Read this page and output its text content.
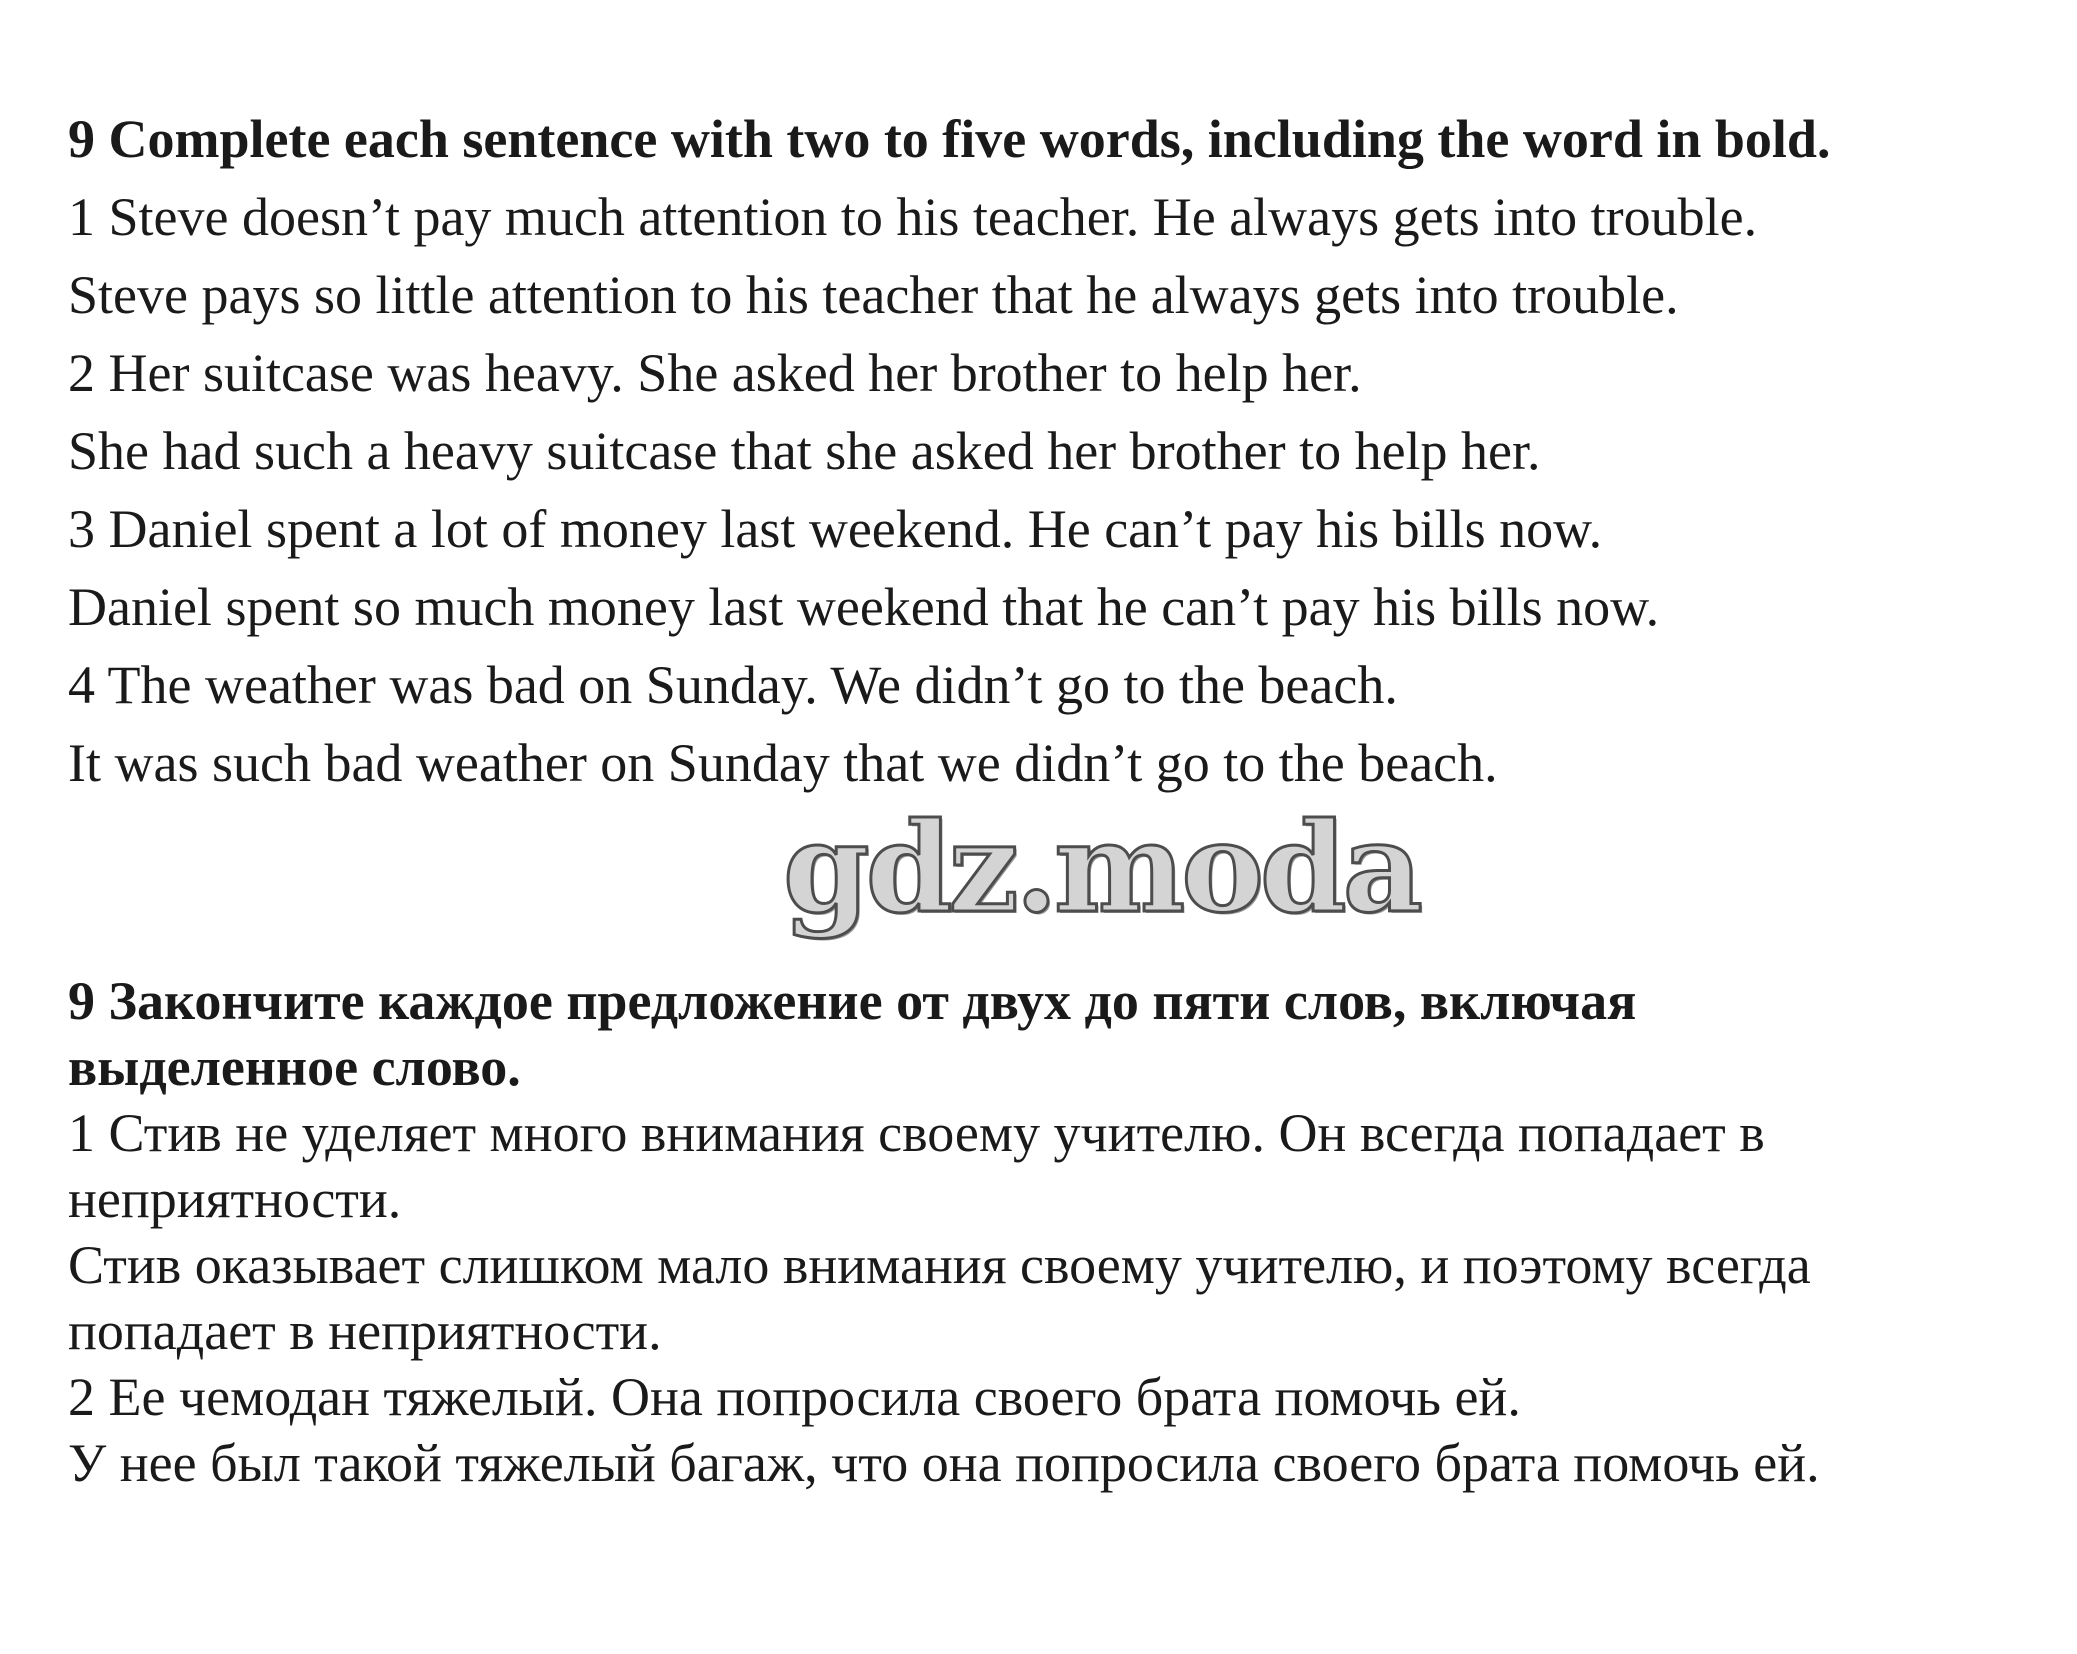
9 Complete each sentence with two to five words, including the word in bold.

1 Steve doesn’t pay much attention to his teacher. He always gets into trouble.

Steve pays so little attention to his teacher that he always gets into trouble.

2 Her suitcase was heavy. She asked her brother to help her.

She had such a heavy suitcase that she asked her brother to help her.

3 Daniel spent a lot of money last weekend. He can’t pay his bills now.

Daniel spent so much money last weekend that he can’t pay his bills now.

4 The weather was bad on Sunday. We didn’t go to the beach.

It was such bad weather on Sunday that we didn’t go to the beach.

gdz.moda

9 Закончите каждое предложение от двух до пяти слов, включая

выделенное слово.

1 Стив не уделяет много внимания своему учителю. Он всегда попадает в

неприятности.

Стив оказывает слишком мало внимания своему учителю, и поэтому всегда

попадает в неприятности.

2 Ее чемодан тяжелый. Она попросила своего брата помочь ей.

У нее был такой тяжелый багаж, что она попросила своего брата помочь ей.
